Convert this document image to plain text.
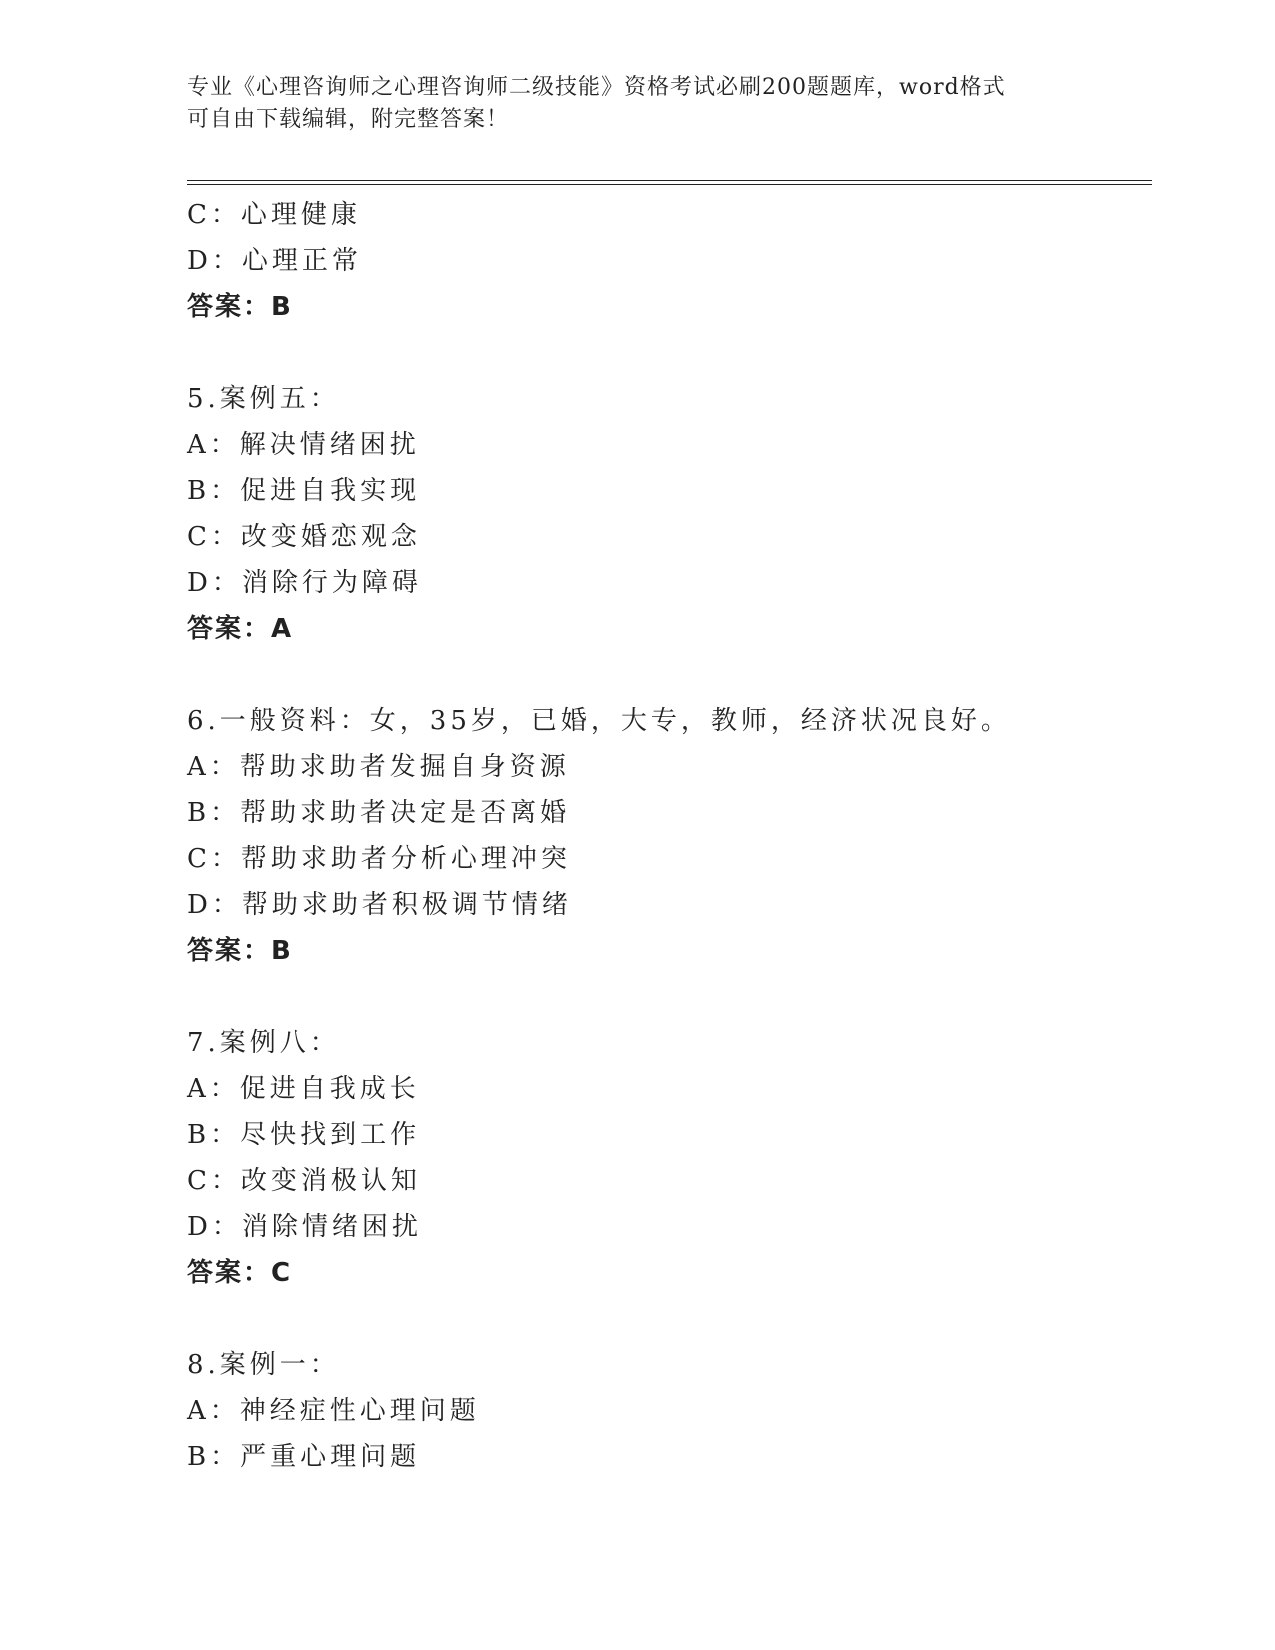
专业《心理咨询师之心理咨询师二级技能》资格考试必刷200题题库，word格式
可自由下载编辑，附完整答案！
C：心理健康
D：心理正常
答案：B
5.案例五：
A：解决情绪困扰
B：促进自我实现
C：改变婚恋观念
D：消除行为障碍
答案：A
6.一般资料：女，35岁，已婚，大专，教师，经济状况良好。
A：帮助求助者发掘自身资源
B：帮助求助者决定是否离婚
C：帮助求助者分析心理冲突
D：帮助求助者积极调节情绪
答案：B
7.案例八：
A：促进自我成长
B：尽快找到工作
C：改变消极认知
D：消除情绪困扰
答案：C
8.案例一：
A：神经症性心理问题
B：严重心理问题
